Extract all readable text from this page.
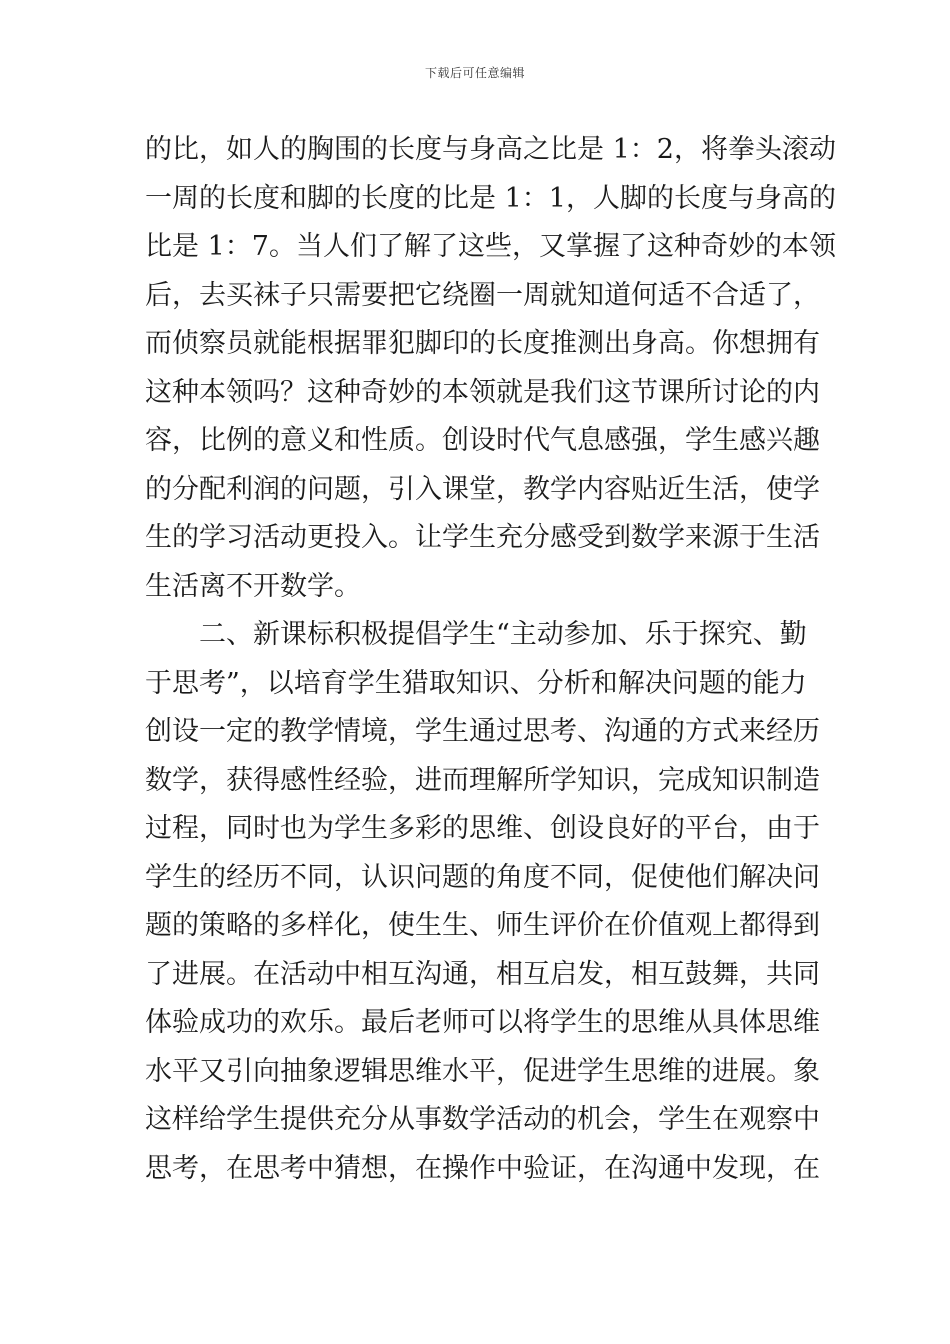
下载后可任意编辑
的比，如人的胸围的长度与身高之比是 1：2，将拳头滚动
一周的长度和脚的长度的比是 1：1，人脚的长度与身高的
比是 1：7。当人们了解了这些，又掌握了这种奇妙的本领
后，去买袜子只需要把它绕圈一周就知道何适不合适了，
而侦察员就能根据罪犯脚印的长度推测出身高。你想拥有
这种本领吗？这种奇妙的本领就是我们这节课所讨论的内
容，比例的意义和性质。创设时代气息感强，学生感兴趣
的分配利润的问题，引入课堂，教学内容贴近生活，使学
生的学习活动更投入。让学生充分感受到数学来源于生活
生活离不开数学。
二、新课标积极提倡学生“主动参加、乐于探究、勤
于思考”，以培育学生猎取知识、分析和解决问题的能力
创设一定的教学情境，学生通过思考、沟通的方式来经历
数学，获得感性经验，进而理解所学知识，完成知识制造
过程，同时也为学生多彩的思维、创设良好的平台，由于
学生的经历不同，认识问题的角度不同，促使他们解决问
题的策略的多样化，使生生、师生评价在价值观上都得到
了进展。在活动中相互沟通，相互启发，相互鼓舞，共同
体验成功的欢乐。最后老师可以将学生的思维从具体思维
水平又引向抽象逻辑思维水平，促进学生思维的进展。象
这样给学生提供充分从事数学活动的机会，学生在观察中
思考，在思考中猜想，在操作中验证，在沟通中发现，在
